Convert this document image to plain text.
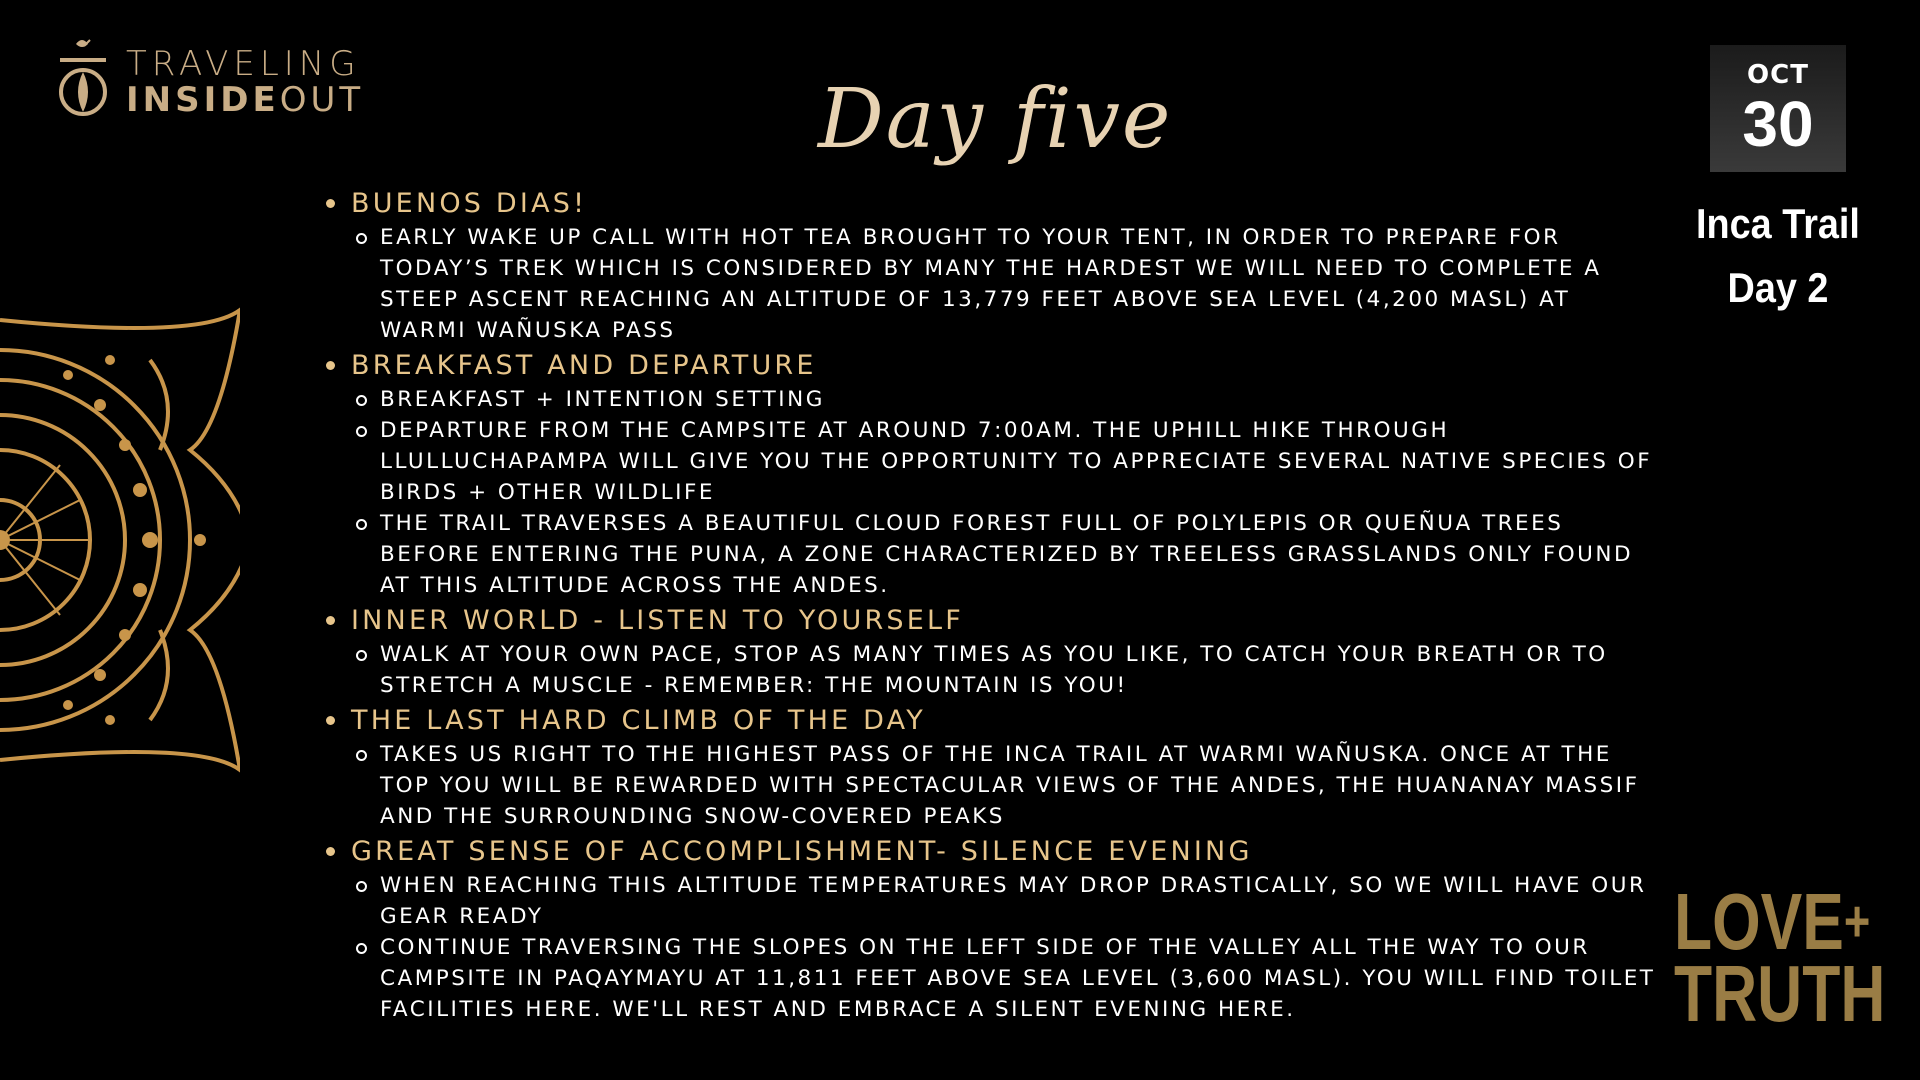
TRAVELING
INSIDEOUT	Day five
BUENOS DIAS!
EARLY WAKE UP CALL WITH HOT TEA BROUGHT TO YOUR TENT, IN ORDER TO PREPARE FOR TODAY’S TREK WHICH IS CONSIDERED BY MANY THE HARDEST WE WILL NEED TO COMPLETE A STEEP ASCENT REACHING AN ALTITUDE OF 13,779 FEET ABOVE SEA LEVEL (4,200 MASL) AT WARMI WAÑUSKA PASS
BREAKFAST AND DEPARTURE
BREAKFAST + INTENTION SETTING
DEPARTURE FROM THE CAMPSITE AT AROUND 7:00AM. THE UPHILL HIKE THROUGH LLULLUCHAPAMPA WILL GIVE YOU THE OPPORTUNITY TO APPRECIATE SEVERAL NATIVE SPECIES OF BIRDS + OTHER WILDLIFE
THE TRAIL TRAVERSES A BEAUTIFUL CLOUD FOREST FULL OF POLYLEPIS OR QUEÑUA TREES BEFORE ENTERING THE PUNA, A ZONE CHARACTERIZED BY TREELESS GRASSLANDS ONLY FOUND AT THIS ALTITUDE ACROSS THE ANDES.
INNER WORLD - LISTEN TO YOURSELF
WALK AT YOUR OWN PACE, STOP AS MANY TIMES AS YOU LIKE, TO CATCH YOUR BREATH OR TO STRETCH A MUSCLE - REMEMBER: THE MOUNTAIN IS YOU!
THE LAST HARD CLIMB OF THE DAY
TAKES US RIGHT TO THE HIGHEST PASS OF THE INCA TRAIL AT WARMI WAÑUSKA. ONCE AT THE TOP YOU WILL BE REWARDED WITH SPECTACULAR VIEWS OF THE ANDES, THE HUANANAY MASSIF AND THE SURROUNDING SNOW-COVERED PEAKS
GREAT SENSE OF ACCOMPLISHMENT- SILENCE EVENING
WHEN REACHING THIS ALTITUDE TEMPERATURES MAY DROP DRASTICALLY, SO WE WILL HAVE OUR GEAR READY
CONTINUE TRAVERSING THE SLOPES ON THE LEFT SIDE OF THE VALLEY ALL THE WAY TO OUR CAMPSITE IN PAQAYMAYU AT 11,811 FEET ABOVE SEA LEVEL (3,600 MASL). YOU WILL FIND TOILET FACILITIES HERE. WE'LL REST AND EMBRACE A SILENT EVENING HERE.
OCT
30
Inca Trail
Day 2
LOVE+
TRUTH
